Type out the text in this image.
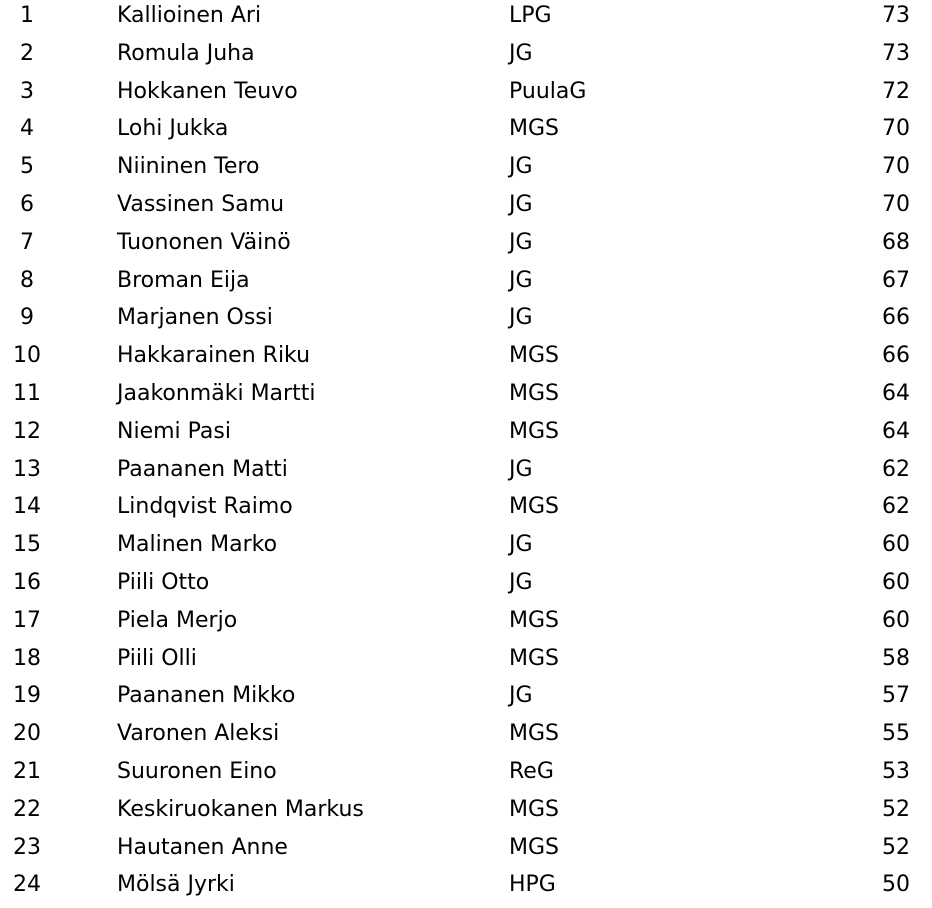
1	Kallioinen Ari	LPG	73
2	Romula Juha	JG	73
3	Hokkanen Teuvo	PuulaG	72
4	Lohi Jukka	MGS	70
5	Niininen Tero	JG	70
6	Vassinen Samu	JG	70
7	Tuononen Väinö	JG	68
8	Broman Eija	JG	67
9	Marjanen Ossi	JG	66
10	Hakkarainen Riku	MGS	66
11	Jaakonmäki Martti	MGS	64
12	Niemi Pasi	MGS	64
13	Paananen Matti	JG	62
14	Lindqvist Raimo	MGS	62
15	Malinen Marko	JG	60
16	Piili Otto	JG	60
17	Piela Merjo	MGS	60
18	Piili Olli	MGS	58
19	Paananen Mikko	JG	57
20	Varonen Aleksi	MGS	55
21	Suuronen Eino	ReG	53
22	Keskiruokanen Markus	MGS	52
23	Hautanen Anne	MGS	52
24	Mölsä Jyrki	HPG	50
